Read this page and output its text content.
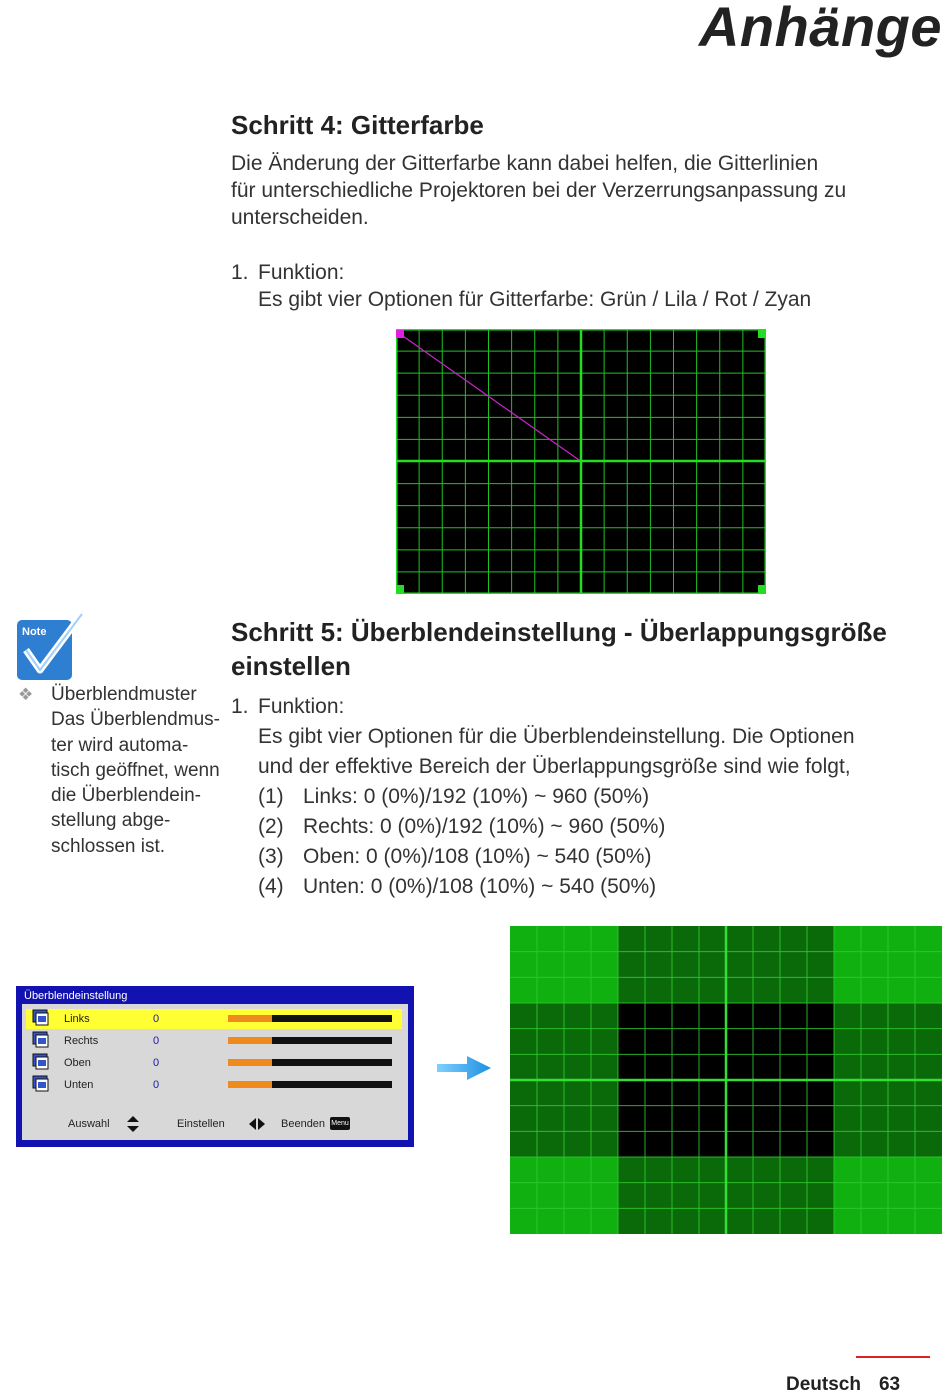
Anhänge
Schritt 4: Gitterfarbe
Die Änderung der Gitterfarbe kann dabei helfen, die Gitterlinien
für unterschiedliche Projektoren bei der Verzerrungsanpassung zu
unterscheiden.
1. Funktion:
Es gibt vier Optionen für Gitterfarbe: Grün / Lila / Rot / Zyan
Note
❖ Überblendmuster
Das Überblendmus-
ter wird automa-
tisch geöffnet, wenn
die Überblendein-
stellung abge-
schlossen ist.
Schritt 5: Überblendeinstellung - Überlappungsgröße
einstellen
1. Funktion:
Es gibt vier Optionen für die Überblendeinstellung. Die Optionen
und der effektive Bereich der Überlappungsgröße sind wie folgt,
(1) Links: 0 (0%)/192 (10%) ~ 960 (50%)
(2) Rechts: 0 (0%)/192 (10%) ~ 960 (50%)
(3) Oben: 0 (0%)/108 (10%) ~ 540 (50%)
(4) Unten: 0 (0%)/108 (10%) ~ 540 (50%)
Überblendeinstellung
Links	0
Rechts	0
Oben	0
Unten	0
Auswahl	Einstellen	Beenden Menu
Deutsch 63
